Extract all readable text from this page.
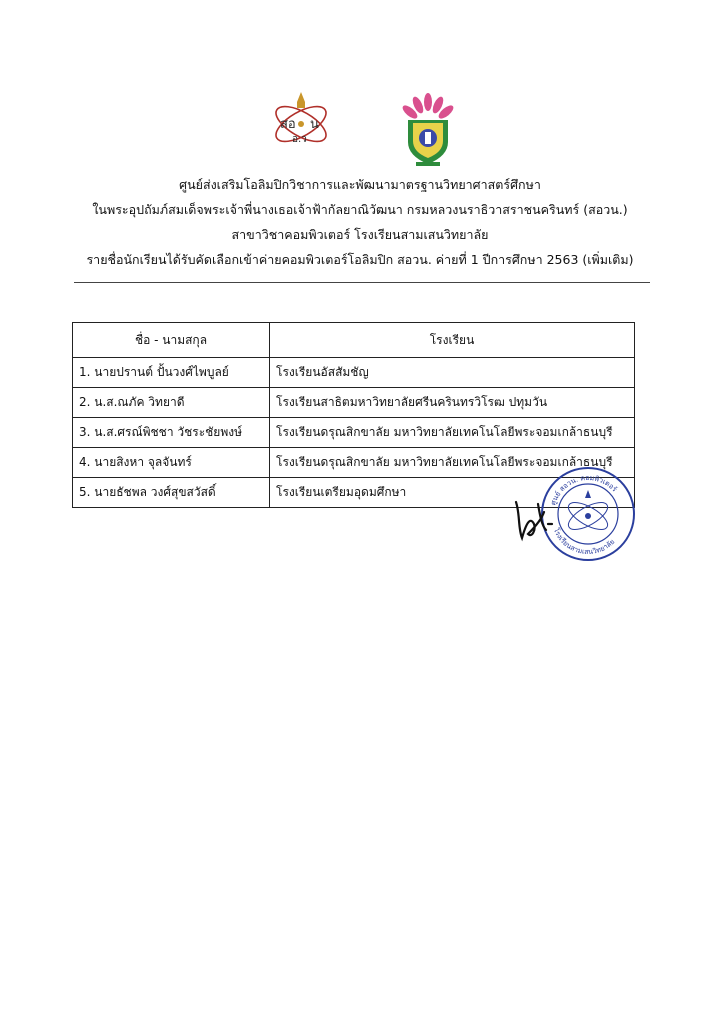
สอ น
อ.ว
ศูนย์ส่งเสริมโอลิมปิกวิชาการและพัฒนามาตรฐานวิทยาศาสตร์ศึกษา
ในพระอุปถัมภ์สมเด็จพระเจ้าพี่นางเธอเจ้าฟ้ากัลยาณิวัฒนา กรมหลวงนราธิวาสราชนครินทร์ (สอวน.)
สาขาวิชาคอมพิวเตอร์ โรงเรียนสามเสนวิทยาลัย
รายชื่อนักเรียนได้รับคัดเลือกเข้าค่ายคอมพิวเตอร์โอลิมปิก สอวน. ค่ายที่ 1 ปีการศึกษา 2563 (เพิ่มเติม)
ชื่อ - นามสกุล	โรงเรียน
1. นายปรานต์ ปั้นวงศ์ไพบูลย์	โรงเรียนอัสสัมชัญ
2. น.ส.ณภัค วิทยาดี	โรงเรียนสาธิตมหาวิทยาลัยศรีนครินทรวิโรฒ ปทุมวัน
3. น.ส.ศรณ์พิชชา วัชระชัยพงษ์	โรงเรียนดรุณสิกขาลัย มหาวิทยาลัยเทคโนโลยีพระจอมเกล้าธนบุรี
4. นายสิงหา จุลจันทร์	โรงเรียนดรุณสิกขาลัย มหาวิทยาลัยเทคโนโลยีพระจอมเกล้าธนบุรี
5. นายธัชพล วงศ์สุขสวัสดิ์	โรงเรียนเตรียมอุดมศึกษา
ศูนย์ สอวน. คอมพิวเตอร์
โรงเรียนสามเสนวิทยาลัย
